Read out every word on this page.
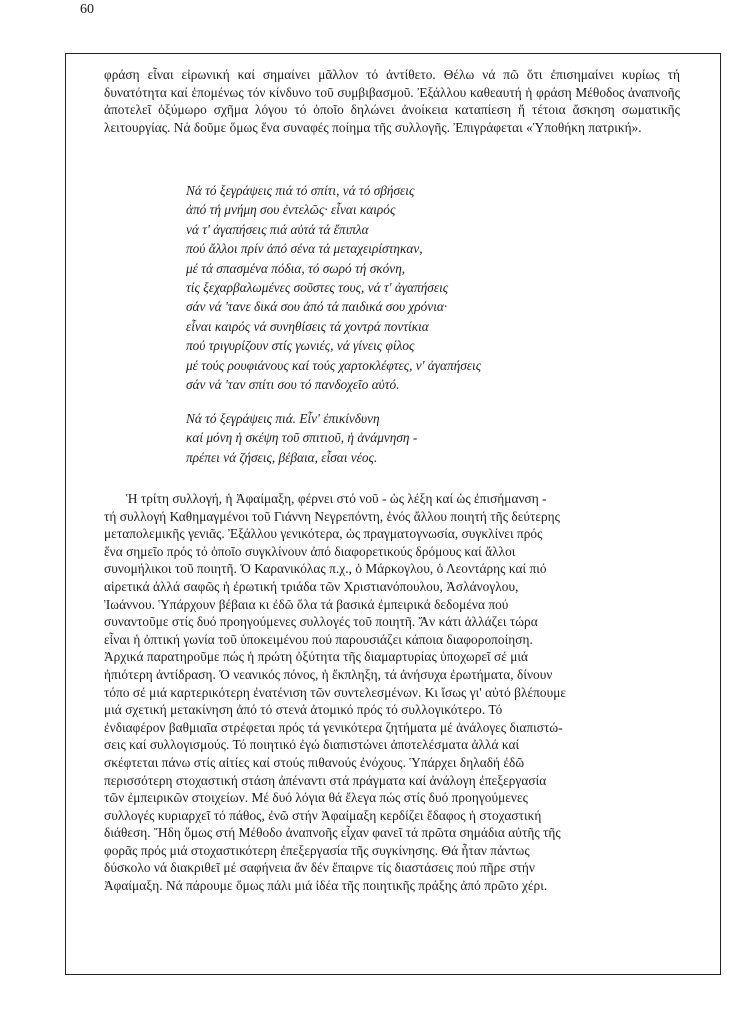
60

φράση εἶναι εἰρωνική καί σημαίνει μᾶλλον τό ἀντίθετο. Θέλω νά πῶ ὅτι ἐπισημαίνει κυρίως τή δυνατότητα καί ἑπομένως τόν κίνδυνο τοῦ συμβιβασμοῦ. Ἐξάλλου καθεαυτή ἡ φράση Μέθοδος ἀναπνοῆς ἀποτελεῖ ὀξύμωρο σχῆμα λόγου τό ὁποῖο δηλώνει ἀνοίκεια καταπίεση ἤ τέτοια ἄσκηση σωματικῆς λειτουργίας. Νά δοῦμε ὅμως ἕνα συναφές ποίημα τῆς συλλογῆς. Ἐπιγράφεται «Ὑποθήκη πατρική».

Νά τό ξεγράψεις πιά τό σπίτι, νά τό σβήσεις
ἀπό τή μνήμη σου ἐντελῶς· εἶναι καιρός
νά τ' ἀγαπήσεις πιά αὐτά τά ἔπιπλα
πού ἄλλοι πρίν ἀπό σένα τά μεταχειρίστηκαν,
μέ τά σπασμένα πόδια, τό σωρό τή σκόνη,
τίς ξεχαρβαλωμένες σοῦστες τους, νά τ' ἀγαπήσεις
σάν νά 'τανε δικά σου ἀπό τά παιδικά σου χρόνια·
εἶναι καιρός νά συνηθίσεις τά χοντρά ποντίκια
πού τριγυρίζουν στίς γωνιές, νά γίνεις φίλος
μέ τούς ρουφιάνους καί τούς χαρτοκλέφτες, ν' ἀγαπήσεις
σάν νά 'ταν σπίτι σου τό πανδοχεῖο αὐτό.
Νά τό ξεγράψεις πιά. Εἶν' ἐπικίνδυνη
καί μόνη ἡ σκέψη τοῦ σπιτιοῦ, ἡ ἀνάμνηση -
πρέπει νά ζήσεις, βέβαια, εἶσαι νέος.
Ἡ τρίτη συλλογή, ἡ Ἀφαίμαξη, φέρνει στό νοῦ - ὡς λέξη καί ὡς ἐπισήμανση -
τή συλλογή Καθημαγμένοι τοῦ Γιάννη Νεγρεπόντη, ἑνός ἄλλου ποιητή τῆς δεύτερης
μεταπολεμικῆς γενιᾶς. Ἐξάλλου γενικότερα, ὡς πραγματογνωσία, συγκλίνει πρός
ἕνα σημεῖο πρός τό ὁποῖο συγκλίνουν ἀπό διαφορετικούς δρόμους καί ἄλλοι
συνομήλικοι τοῦ ποιητῆ. Ὁ Καρανικόλας π.χ., ὁ Μάρκογλου, ὁ Λεοντάρης καί πιό
αἱρετικά ἀλλά σαφῶς ἡ ἐρωτική τριάδα τῶν Χριστιανόπουλου, Ἀσλάνογλου,
Ἰωάννου. Ὑπάρχουν βέβαια κι ἐδῶ ὅλα τά βασικά ἐμπειρικά δεδομένα πού
συναντοῦμε στίς δυό προηγούμενες συλλογές τοῦ ποιητῆ. Ἄν κάτι ἀλλάζει τώρα
εἶναι ἡ ὀπτική γωνία τοῦ ὑποκειμένου πού παρουσιάζει κάποια διαφοροποίηση.
Ἀρχικά παρατηροῦμε πώς ἡ πρώτη ὀξύτητα τῆς διαμαρτυρίας ὑποχωρεῖ σέ μιά
ἠπιότερη ἀντίδραση. Ὁ νεανικός πόνος, ἡ ἔκπληξη, τά ἀνήσυχα ἐρωτήματα, δίνουν
τόπο σέ μιά καρτερικότερη ἐνατένιση τῶν συντελεσμένων. Κι ἴσως γι' αὐτό βλέπουμε
μιά σχετική μετακίνηση ἀπό τό στενά ἀτομικό πρός τό συλλογικότερο. Τό
ἐνδιαφέρον βαθμιαῖα στρέφεται πρός τά γενικότερα ζητήματα μέ ἀνάλογες διαπιστώ-
σεις καί συλλογισμούς. Τό ποιητικό ἐγώ διαπιστώνει ἀποτελέσματα ἀλλά καί
σκέφτεται πάνω στίς αἰτίες καί στούς πιθανούς ἐνόχους. Ὑπάρχει δηλαδή ἐδῶ
περισσότερη στοχαστική στάση ἀπέναντι στά πράγματα καί ἀνάλογη ἐπεξεργασία
τῶν ἐμπειρικῶν στοιχείων. Μέ δυό λόγια θά ἔλεγα πώς στίς δυό προηγούμενες
συλλογές κυριαρχεῖ τό πάθος, ἐνῶ στήν Ἀφαίμαξη κερδίζει ἔδαφος ἡ στοχαστική
διάθεση. Ἤδη ὅμως στή Μέθοδο ἀναπνοῆς εἶχαν φανεῖ τά πρῶτα σημάδια αὐτῆς τῆς
φορᾶς πρός μιά στοχαστικότερη ἐπεξεργασία τῆς συγκίνησης. Θά ἦταν πάντως
δύσκολο νά διακριθεῖ μέ σαφήνεια ἄν δέν ἔπαιρνε τίς διαστάσεις πού πῆρε στήν
Ἀφαίμαξη. Νά πάρουμε ὅμως πάλι μιά ἰδέα τῆς ποιητικῆς πράξης ἀπό πρῶτο χέρι.
